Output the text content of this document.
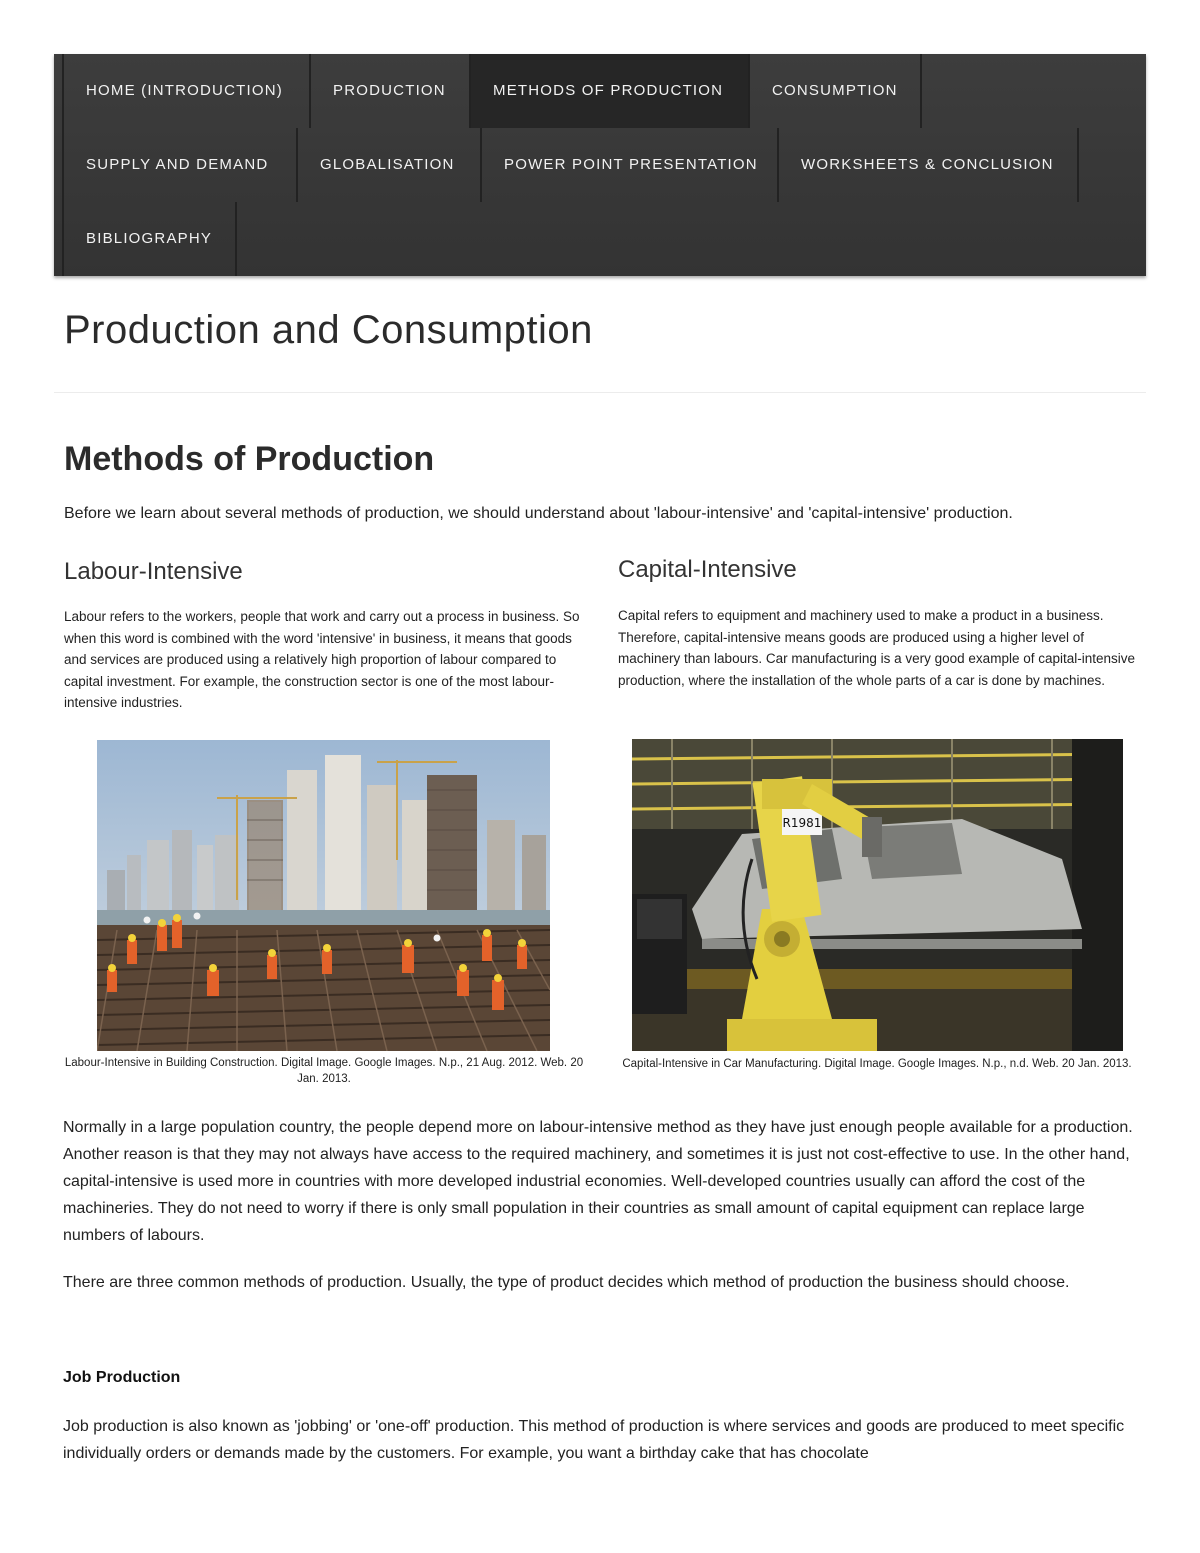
HOME (INTRODUCTION)	PRODUCTION	METHODS OF PRODUCTION	CONSUMPTION
SUPPLY AND DEMAND	GLOBALISATION	POWER POINT PRESENTATION	WORKSHEETS & CONCLUSION
BIBLIOGRAPHY
Production and Consumption
Methods of Production

Before we learn about several methods of production, we should understand about 'labour-intensive' and 'capital-intensive' production.

Labour-Intensive

Labour refers to the workers, people that work and carry out a process in business. So when this word is combined with the word 'intensive' in business, it means that goods and services are produced using a relatively high proportion of labour compared to capital investment. For example, the construction sector is one of the most labour-intensive industries.

Labour-Intensive in Building Construction. Digital Image. Google Images. N.p., 21 Aug. 2012. Web. 20 Jan. 2013.

Capital-Intensive

Capital refers to equipment and machinery used to make a product in a business. Therefore, capital-intensive means goods are produced using a higher level of machinery than labours. Car manufacturing is a very good example of capital-intensive production, where the installation of the whole parts of a car is done by machines.

R1981

Capital-Intensive in Car Manufacturing. Digital Image. Google Images. N.p., n.d. Web. 20 Jan. 2013.

Normally in a large population country, the people depend more on labour-intensive method as they have just enough people available for a production. Another reason is that they may not always have access to the required machinery, and sometimes it is just not cost-effective to use. In the other hand, capital-intensive is used more in countries with more developed industrial economies. Well-developed countries usually can afford the cost of the machineries. They do not need to worry if there is only small population in their countries as small amount of capital equipment can replace large numbers of labours.

There are three common methods of production. Usually, the type of product decides which method of production the business should choose.

Job Production

Job production is also known as 'jobbing' or 'one-off' production. This method of production is where services and goods are produced to meet specific individually orders or demands made by the customers. For example, you want a birthday cake that has chocolate
